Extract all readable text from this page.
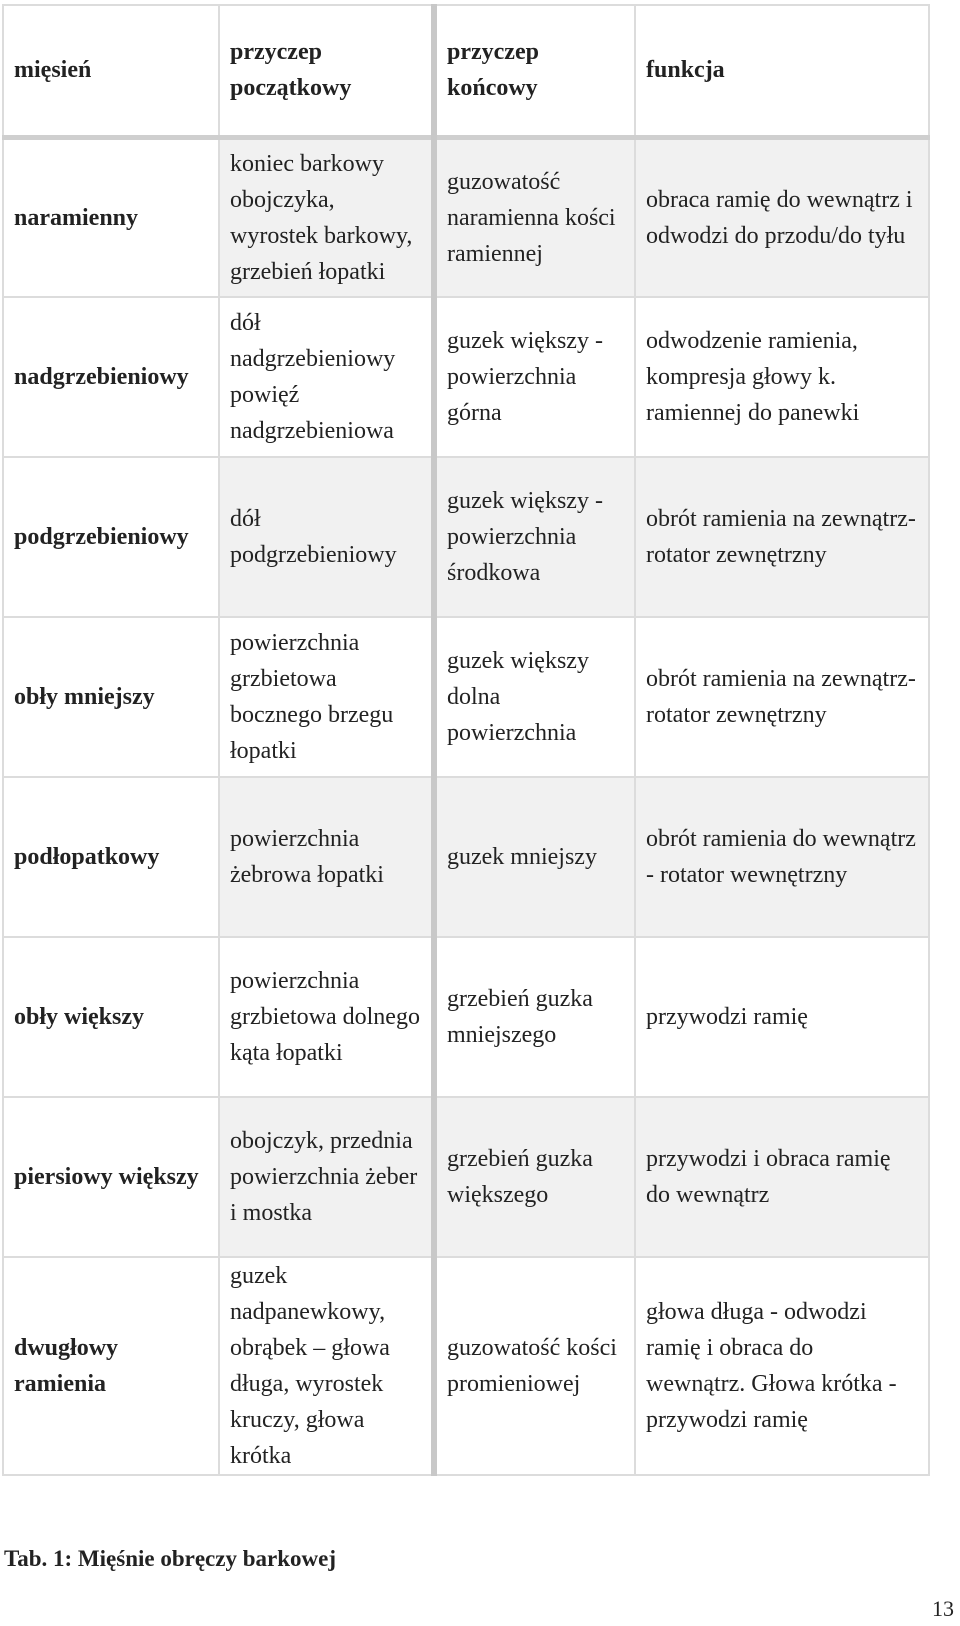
mięsień	przyczep początkowy	przyczep końcowy	funkcja
naramienny	koniec barkowy obojczyka, wyrostek barkowy, grzebień łopatki	guzowatość naramienna kości ramiennej	obraca ramię do wewnątrz i odwodzi do przodu/do tyłu
nadgrzebieniowy	dół nadgrzebieniowy powięź nadgrzebieniowa	guzek większy - powierzchnia górna	odwodzenie ramienia, kompresja głowy k. ramiennej do panewki
podgrzebieniowy	dół podgrzebieniowy	guzek większy - powierzchnia środkowa	obrót ramienia na zewnątrz-rotator zewnętrzny
obły mniejszy	powierzchnia grzbietowa bocznego brzegu łopatki	guzek większy dolna powierzchnia	obrót ramienia na zewnątrz-rotator zewnętrzny
podłopatkowy	powierzchnia żebrowa łopatki	guzek mniejszy	obrót ramienia do wewnątrz - rotator wewnętrzny
obły większy	powierzchnia grzbietowa dolnego kąta łopatki	grzebień guzka mniejszego	przywodzi ramię
piersiowy większy	obojczyk, przednia powierzchnia żeber i mostka	grzebień guzka większego	przywodzi i obraca ramię do wewnątrz
dwugłowy ramienia	guzek nadpanewkowy, obrąbek – głowa długa, wyrostek kruczy, głowa krótka	guzowatość kości promieniowej	głowa długa - odwodzi ramię i obraca do wewnątrz. Głowa krótka - przywodzi ramię

Tab. 1: Mięśnie obręczy barkowej

13
